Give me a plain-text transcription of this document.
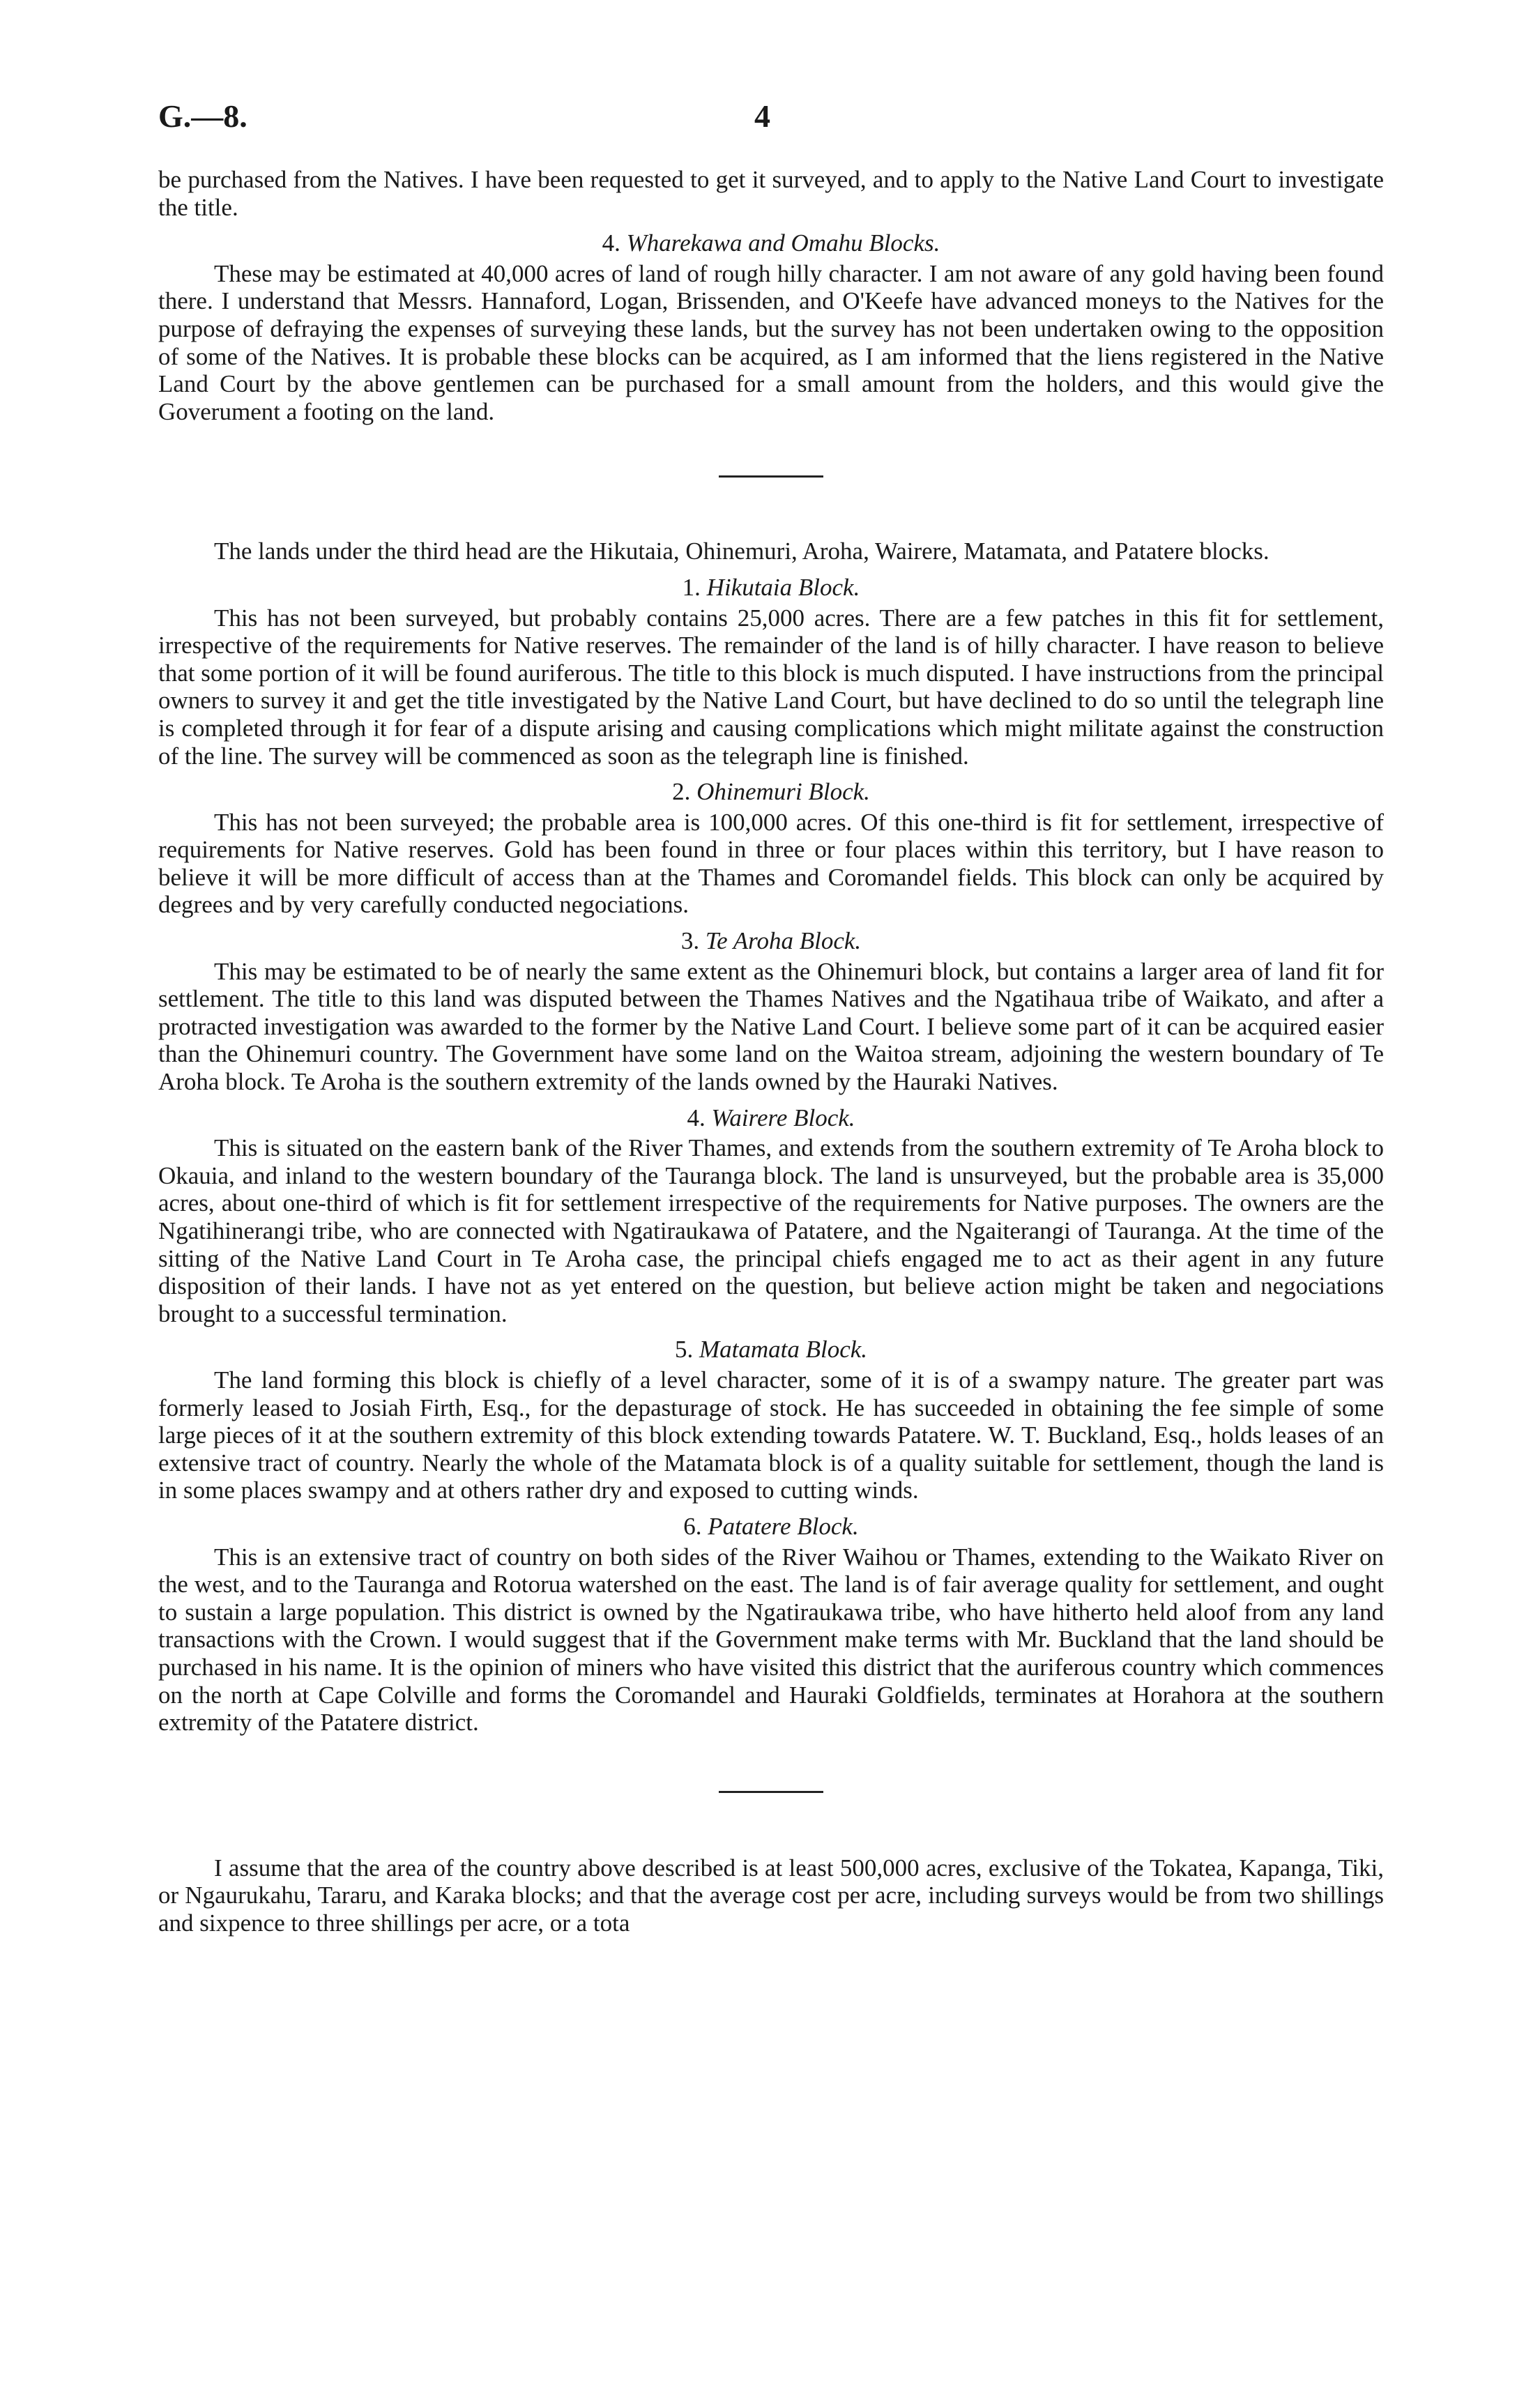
G.—8.	4

be purchased from the Natives. I have been requested to get it surveyed, and to apply to the Native Land Court to investigate the title.

4. Wharekawa and Omahu Blocks.

These may be estimated at 40,000 acres of land of rough hilly character. I am not aware of any gold having been found there. I understand that Messrs. Hannaford, Logan, Brissenden, and O'Keefe have advanced moneys to the Natives for the purpose of defraying the expenses of surveying these lands, but the survey has not been undertaken owing to the opposition of some of the Natives. It is probable these blocks can be acquired, as I am informed that the liens registered in the Native Land Court by the above gentlemen can be purchased for a small amount from the holders, and this would give the Goverument a footing on the land.

The lands under the third head are the Hikutaia, Ohinemuri, Aroha, Wairere, Matamata, and Patatere blocks.

1. Hikutaia Block.

This has not been surveyed, but probably contains 25,000 acres. There are a few patches in this fit for settlement, irrespective of the requirements for Native reserves. The remainder of the land is of hilly character. I have reason to believe that some portion of it will be found auriferous. The title to this block is much disputed. I have instructions from the principal owners to survey it and get the title investigated by the Native Land Court, but have declined to do so until the telegraph line is completed through it for fear of a dispute arising and causing complications which might militate against the construction of the line. The survey will be commenced as soon as the telegraph line is finished.

2. Ohinemuri Block.

This has not been surveyed; the probable area is 100,000 acres. Of this one-third is fit for settlement, irrespective of requirements for Native reserves. Gold has been found in three or four places within this territory, but I have reason to believe it will be more difficult of access than at the Thames and Coromandel fields. This block can only be acquired by degrees and by very carefully conducted negociations.

3. Te Aroha Block.

This may be estimated to be of nearly the same extent as the Ohinemuri block, but contains a larger area of land fit for settlement. The title to this land was disputed between the Thames Natives and the Ngatihaua tribe of Waikato, and after a protracted investigation was awarded to the former by the Native Land Court. I believe some part of it can be acquired easier than the Ohinemuri country. The Government have some land on the Waitoa stream, adjoining the western boundary of Te Aroha block. Te Aroha is the southern extremity of the lands owned by the Hauraki Natives.

4. Wairere Block.

This is situated on the eastern bank of the River Thames, and extends from the southern extremity of Te Aroha block to Okauia, and inland to the western boundary of the Tauranga block. The land is unsurveyed, but the probable area is 35,000 acres, about one-third of which is fit for settlement irrespective of the requirements for Native purposes. The owners are the Ngatihinerangi tribe, who are connected with Ngatiraukawa of Patatere, and the Ngaiterangi of Tauranga. At the time of the sitting of the Native Land Court in Te Aroha case, the principal chiefs engaged me to act as their agent in any future disposition of their lands. I have not as yet entered on the question, but believe action might be taken and negociations brought to a successful termination.

5. Matamata Block.

The land forming this block is chiefly of a level character, some of it is of a swampy nature. The greater part was formerly leased to Josiah Firth, Esq., for the depasturage of stock. He has succeeded in obtaining the fee simple of some large pieces of it at the southern extremity of this block extending towards Patatere. W. T. Buckland, Esq., holds leases of an extensive tract of country. Nearly the whole of the Matamata block is of a quality suitable for settlement, though the land is in some places swampy and at others rather dry and exposed to cutting winds.

6. Patatere Block.

This is an extensive tract of country on both sides of the River Waihou or Thames, extending to the Waikato River on the west, and to the Tauranga and Rotorua watershed on the east. The land is of fair average quality for settlement, and ought to sustain a large population. This district is owned by the Ngatiraukawa tribe, who have hitherto held aloof from any land transactions with the Crown. I would suggest that if the Government make terms with Mr. Buckland that the land should be purchased in his name. It is the opinion of miners who have visited this district that the auriferous country which commences on the north at Cape Colville and forms the Coromandel and Hauraki Goldfields, terminates at Horahora at the southern extremity of the Patatere district.

I assume that the area of the country above described is at least 500,000 acres, exclusive of the Tokatea, Kapanga, Tiki, or Ngaurukahu, Tararu, and Karaka blocks; and that the average cost per acre, including surveys would be from two shillings and sixpence to three shillings per acre, or a tota
